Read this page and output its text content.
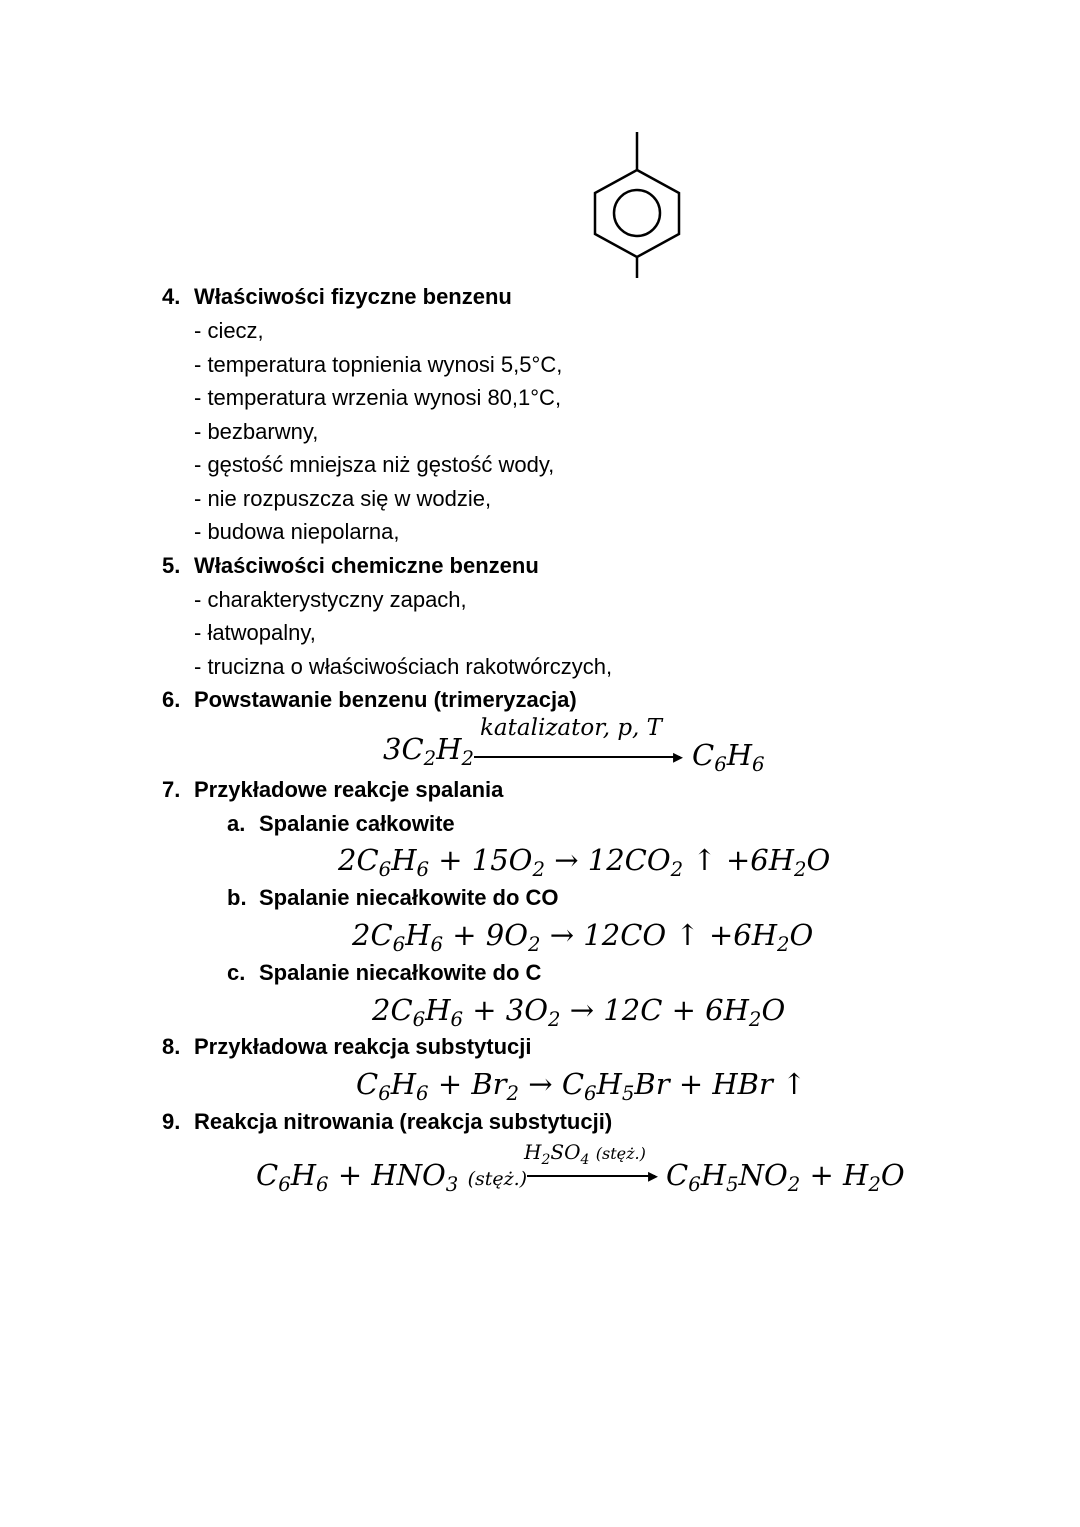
4. Właściwości fizyczne benzenu
- ciecz,
- temperatura topnienia wynosi 5,5°C,
- temperatura wrzenia wynosi 80,1°C,
- bezbarwny,
- gęstość mniejsza niż gęstość wody,
- nie rozpuszcza się w wodzie,
- budowa niepolarna,
5. Właściwości chemiczne benzenu
- charakterystyczny zapach,
- łatwopalny,
- trucizna o właściwościach rakotwórczych,
6. Powstawanie benzenu (trimeryzacja)
katalizator, p, T
$3C_2H_2$	▸ $C_6H_6$
7. Przykładowe reakcje spalania
a. Spalanie całkowite
$2C_6H_6 + 15O_2 \to 12CO_2$ ↑ $+6H_2O$
b. Spalanie niecałkowite do CO
$2C_6H_6 + 9O_2 \to 12CO$ ↑ $+6H_2O$
c. Spalanie niecałkowite do C
$2C_6H_6 + 3O_2 \to 12C + 6H_2O$
8. Przykładowa reakcja substytucji
$C_6H_6 + Br_2 \to C_6H_5Br$ + HBr ↑
9. Reakcja nitrowania (reakcja substytucji)
$H_2SO_4$ (stęż.)
$C_6H_6 + HNO_3$ (stęż.)	▸ $C_6H_5NO_2 + H_2O$
